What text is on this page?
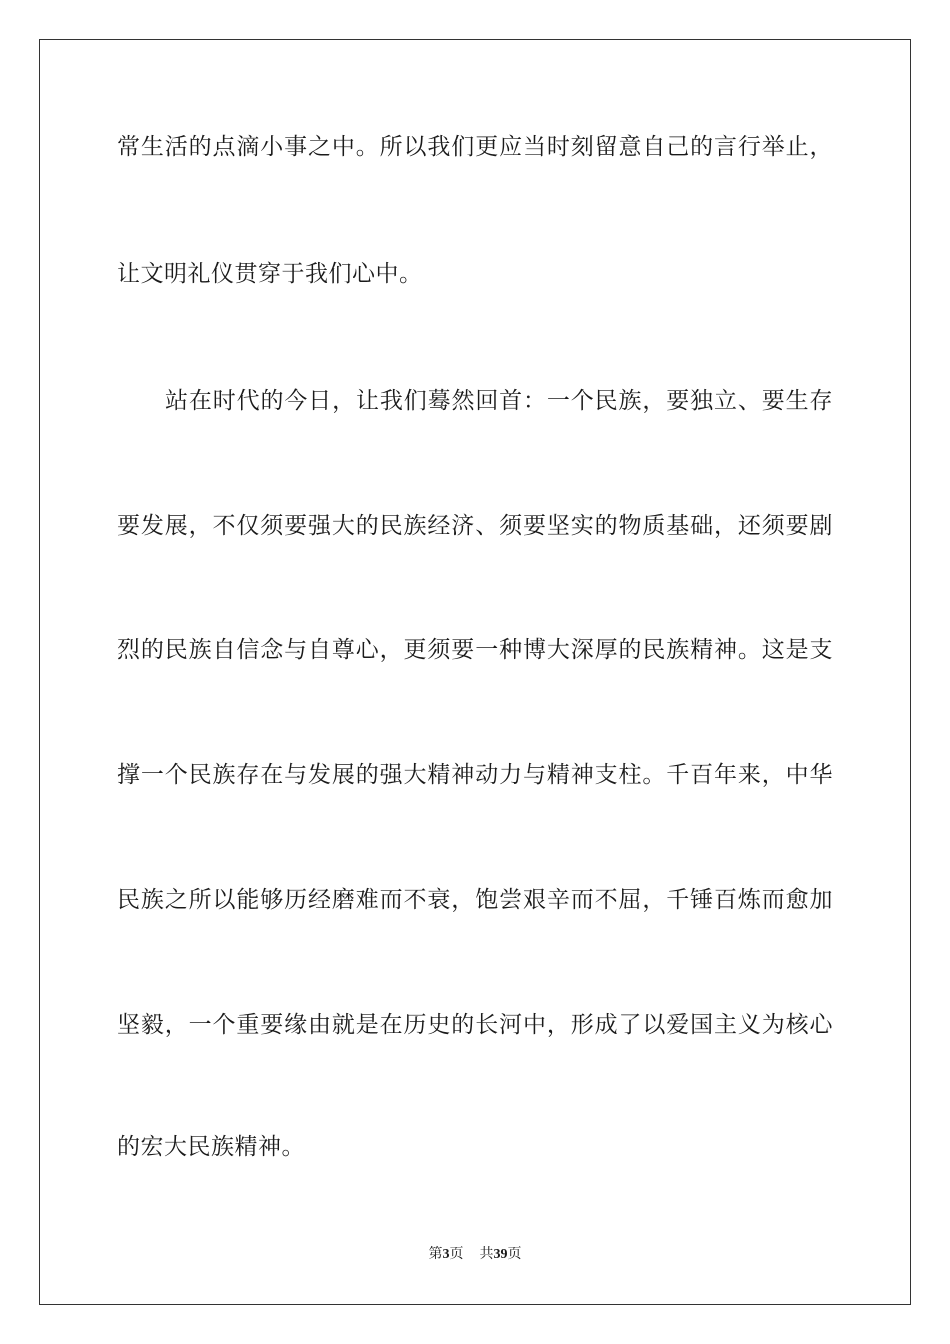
常生活的点滴小事之中。所以我们更应当时刻留意自己的言行举止，
让文明礼仪贯穿于我们心中。
站在时代的今日，让我们蓦然回首：一个民族，要独立、要生存
要发展，不仅须要强大的民族经济、须要坚实的物质基础，还须要剧
烈的民族自信念与自尊心，更须要一种博大深厚的民族精神。这是支
撑一个民族存在与发展的强大精神动力与精神支柱。千百年来，中华
民族之所以能够历经磨难而不衰，饱尝艰辛而不屈，千锤百炼而愈加
坚毅，一个重要缘由就是在历史的长河中，形成了以爱国主义为核心
的宏大民族精神。
第3页 共39页
